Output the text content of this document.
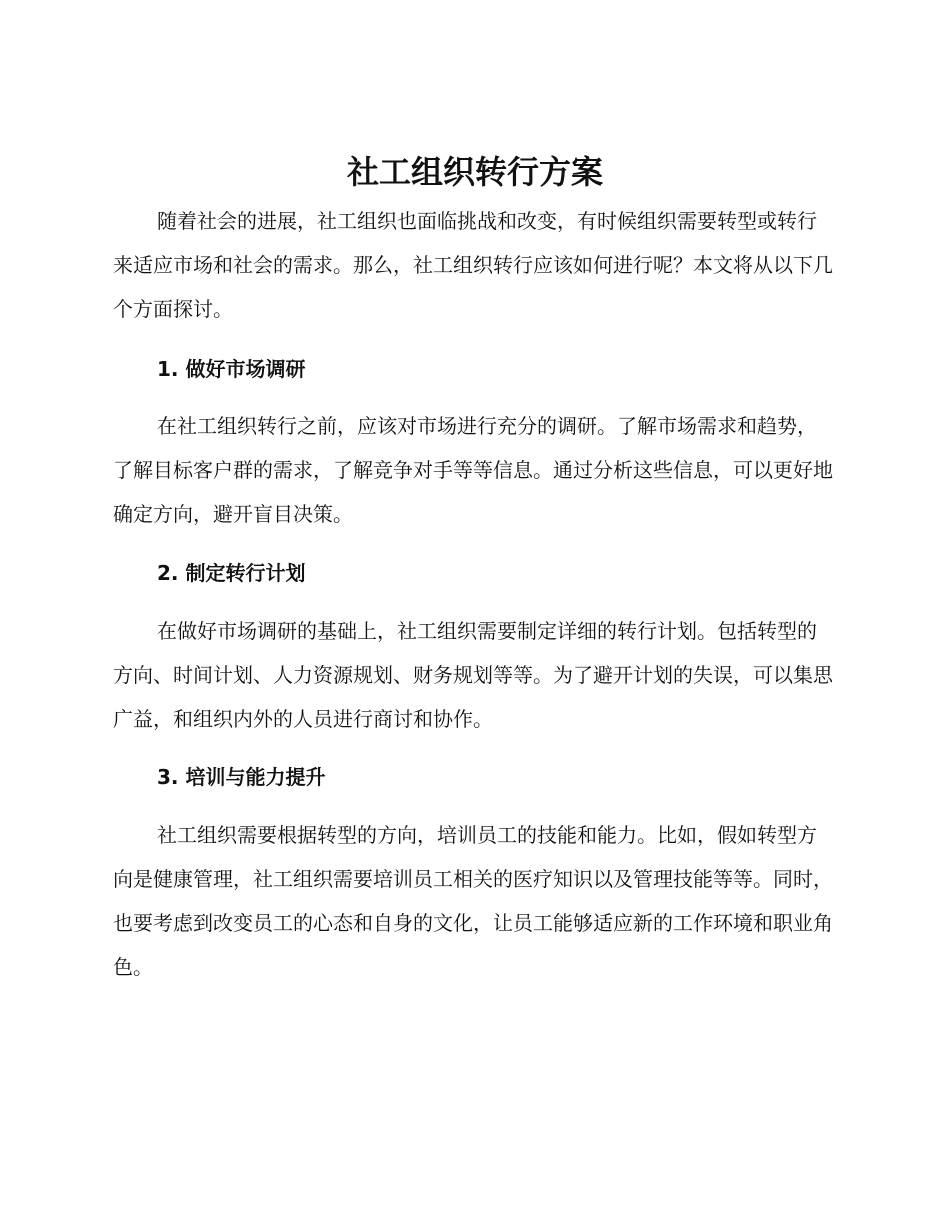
社工组织转行方案

随着社会的进展，社工组织也面临挑战和改变，有时候组织需要转型或转行来适应市场和社会的需求。那么，社工组织转行应该如何进行呢？本文将从以下几个方面探讨。

1. 做好市场调研

在社工组织转行之前，应该对市场进行充分的调研。了解市场需求和趋势，了解目标客户群的需求，了解竞争对手等等信息。通过分析这些信息，可以更好地确定方向，避开盲目决策。

2. 制定转行计划

在做好市场调研的基础上，社工组织需要制定详细的转行计划。包括转型的方向、时间计划、人力资源规划、财务规划等等。为了避开计划的失误，可以集思广益，和组织内外的人员进行商讨和协作。

3. 培训与能力提升

社工组织需要根据转型的方向，培训员工的技能和能力。比如，假如转型方向是健康管理，社工组织需要培训员工相关的医疗知识以及管理技能等等。同时，也要考虑到改变员工的心态和自身的文化，让员工能够适应新的工作环境和职业角色。
